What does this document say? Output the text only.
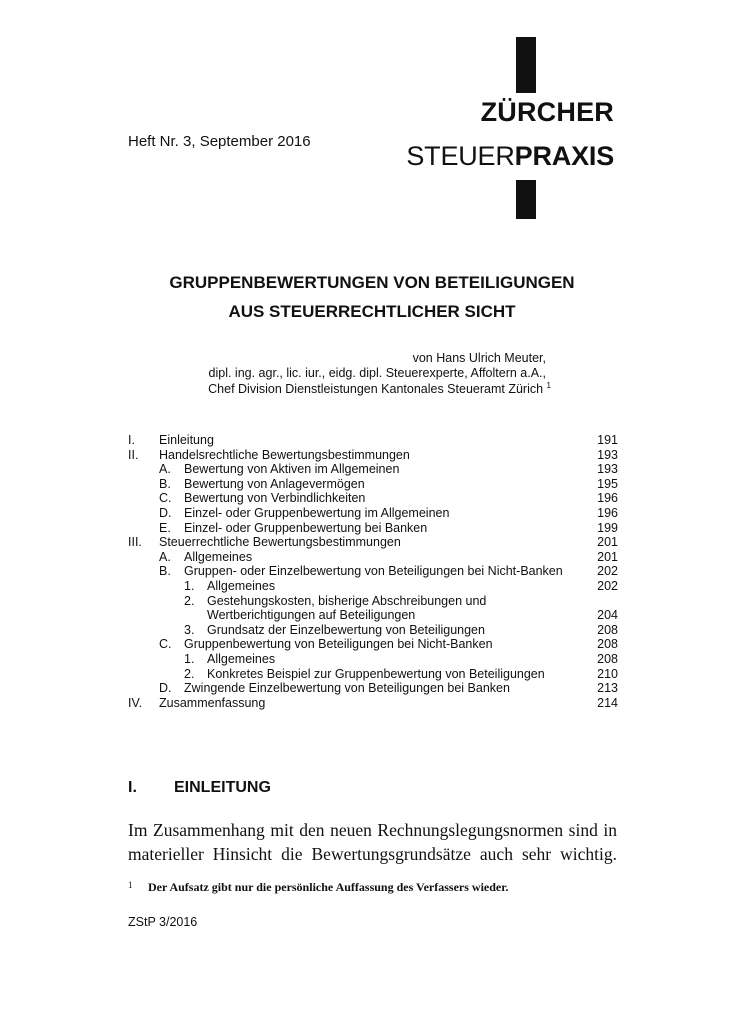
ZÜRCHER
STEUERPRAXIS
Heft Nr. 3, September 2016
GRUPPENBEWERTUNGEN VON BETEILIGUNGEN
AUS STEUERRECHTLICHER SICHT
von Hans Ulrich Meuter,
dipl. ing. agr., lic. iur., eidg. dipl. Steuerexperte, Affoltern a.A.,
Chef Division Dienstleistungen Kantonales Steueramt Zürich $^1$
I.	Einleitung	191
II.	Handelsrechtliche Bewertungsbestimmungen	193
A.	Bewertung von Aktiven im Allgemeinen	193
B.	Bewertung von Anlagevermögen	195
C.	Bewertung von Verbindlichkeiten	196
D.	Einzel- oder Gruppenbewertung im Allgemeinen	196
E.	Einzel- oder Gruppenbewertung bei Banken	199
III.	Steuerrechtliche Bewertungsbestimmungen	201
A.	Allgemeines	201
B.	Gruppen- oder Einzelbewertung von Beteiligungen bei Nicht-Banken	202
1.	Allgemeines	202
2.	Gestehungskosten, bisherige Abschreibungen und
Wertberichtigungen auf Beteiligungen	204
3.	Grundsatz der Einzelbewertung von Beteiligungen	208
C.	Gruppenbewertung von Beteiligungen bei Nicht-Banken	208
1.	Allgemeines	208
2.	Konkretes Beispiel zur Gruppenbewertung von Beteiligungen	210
D.	Zwingende Einzelbewertung von Beteiligungen bei Banken	213
IV.	Zusammenfassung	214
I. EINLEITUNG
Im Zusammenhang mit den neuen Rechnungslegungsnormen sind in
materieller Hinsicht die Bewertungsgrundsätze auch sehr wichtig.
1 Der Aufsatz gibt nur die persönliche Auffassung des Verfassers wieder.
ZStP 3/2016
